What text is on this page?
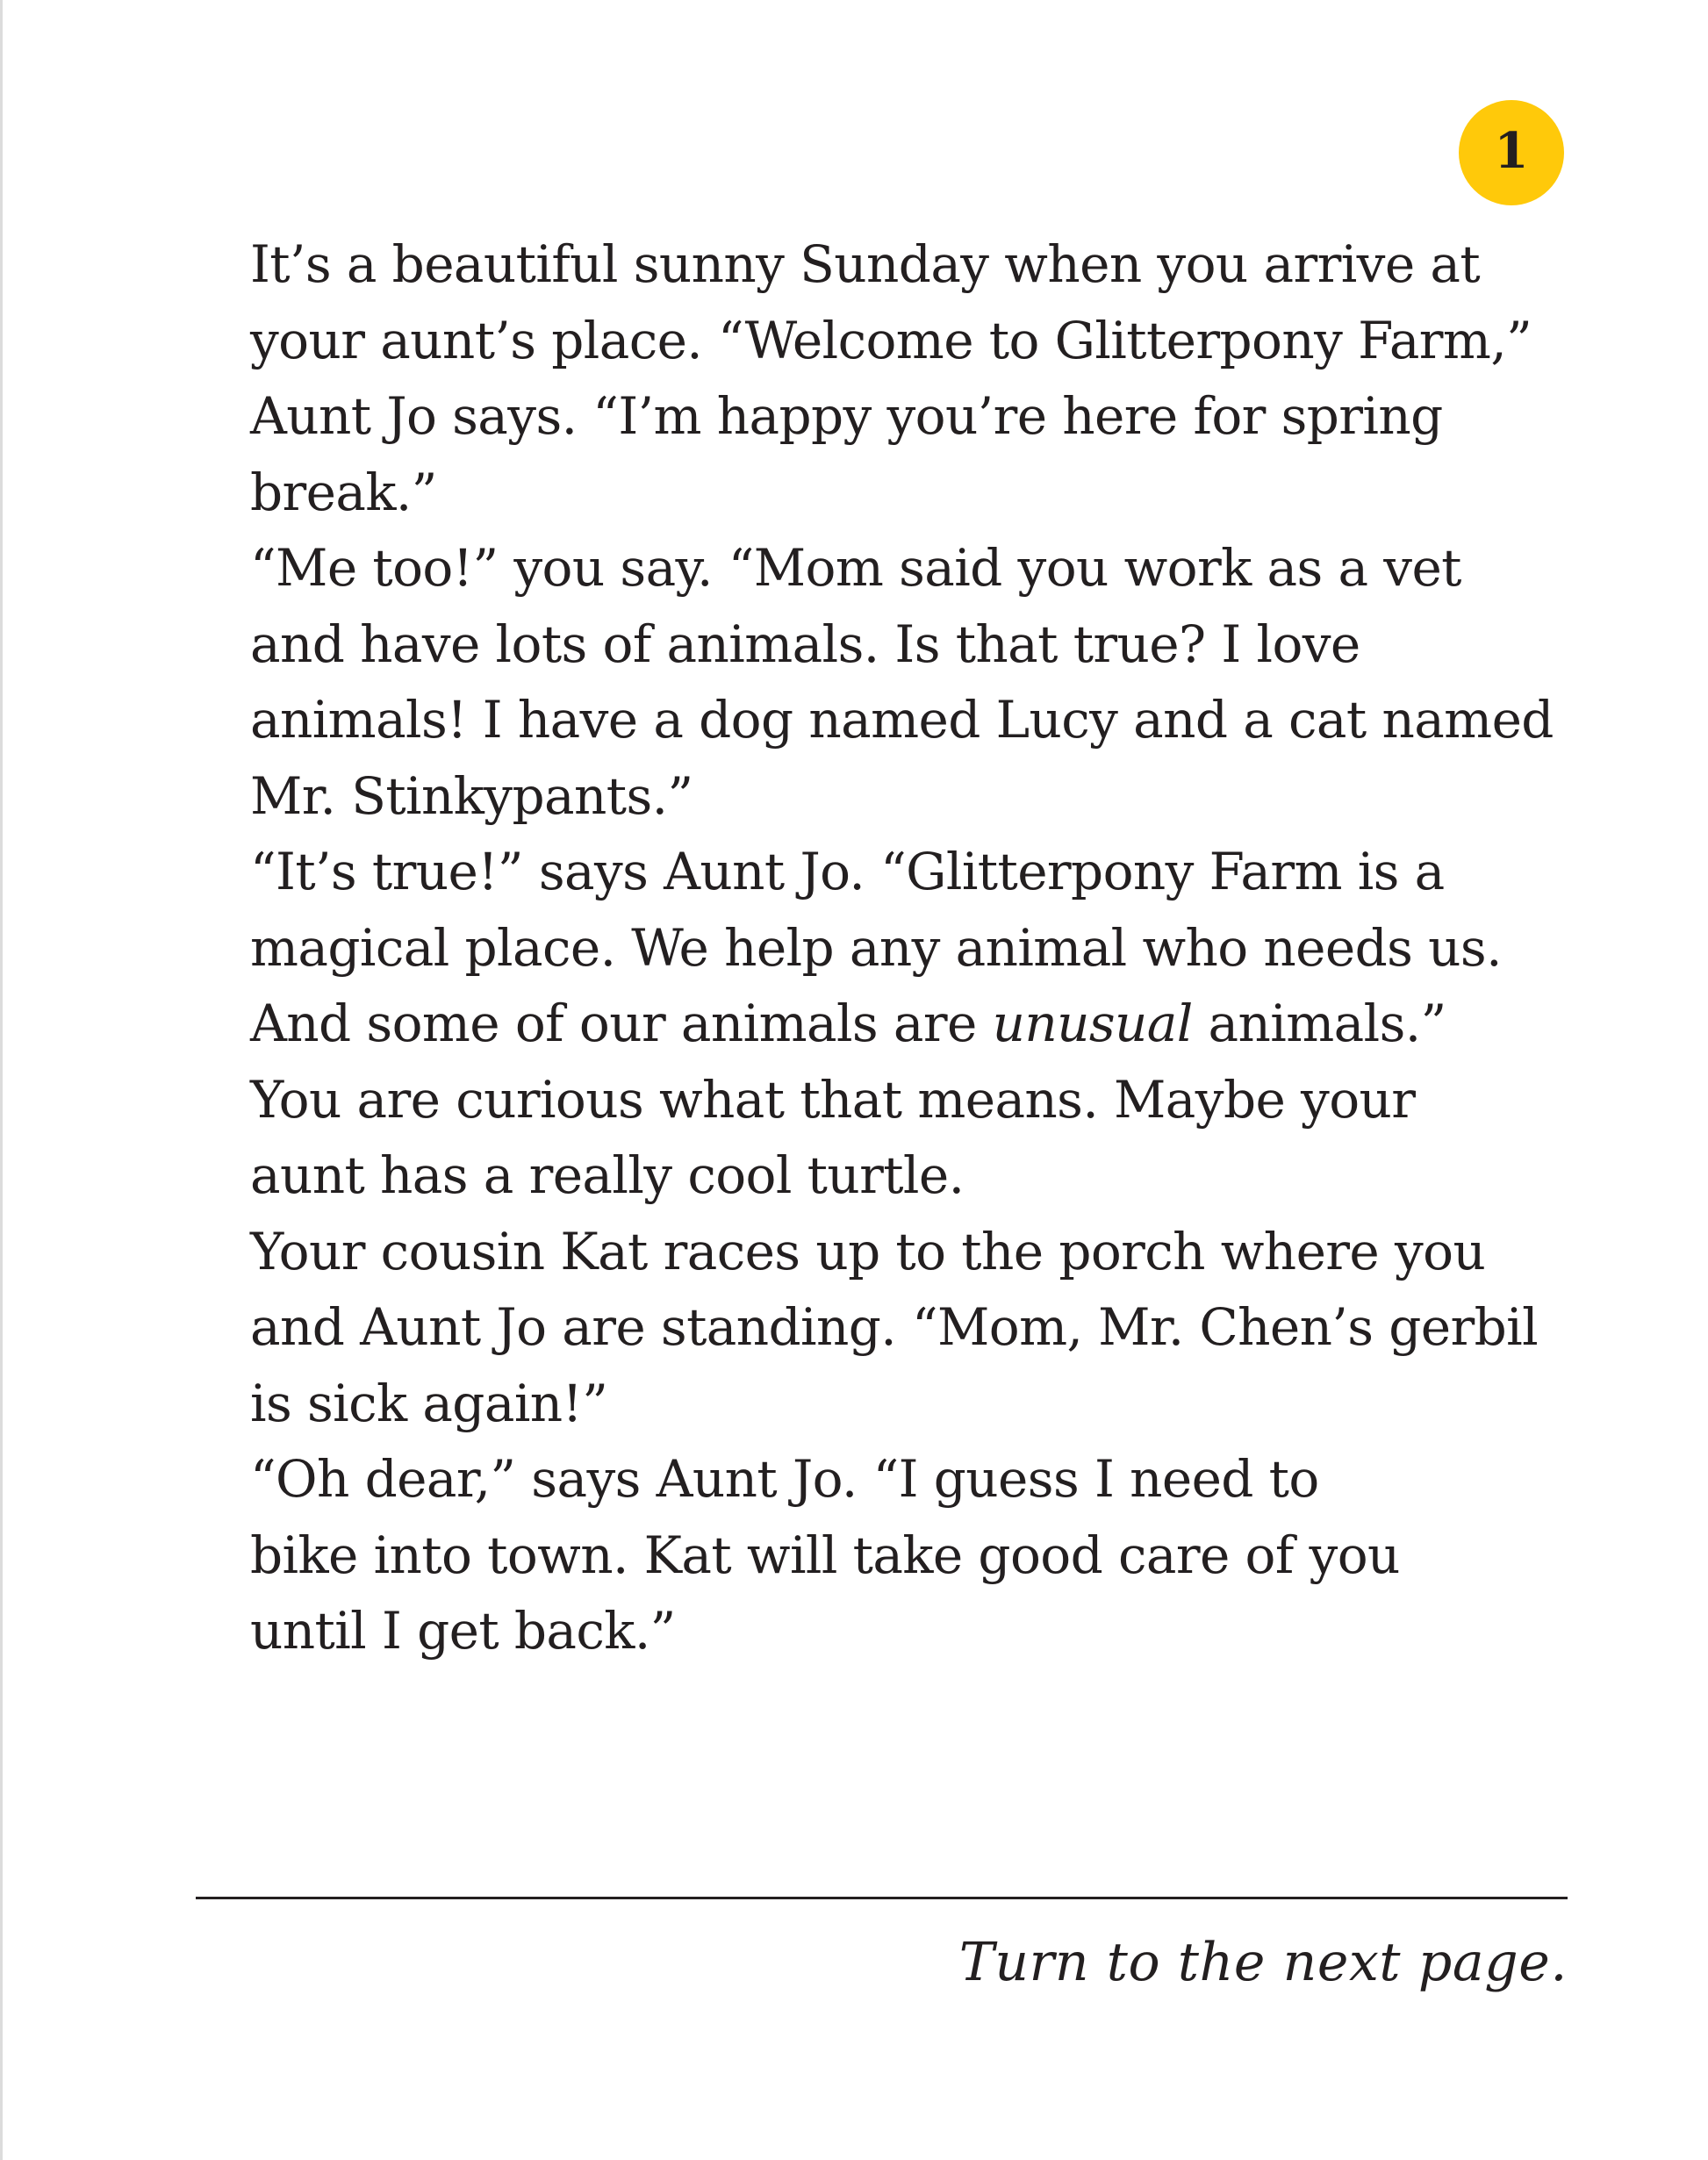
1

It’s a beautiful sunny Sunday when you arrive at
your aunt’s place. “Welcome to Glitterpony Farm,”
Aunt Jo says. “I’m happy you’re here for spring
break.”

“Me too!” you say. “Mom said you work as a vet
and have lots of animals. Is that true? I love
animals! I have a dog named Lucy and a cat named
Mr. Stinkypants.”

“It’s true!” says Aunt Jo. “Glitterpony Farm is a
magical place. We help any animal who needs us.
And some of our animals are unusual animals.”

You are curious what that means. Maybe your
aunt has a really cool turtle.

Your cousin Kat races up to the porch where you
and Aunt Jo are standing. “Mom, Mr. Chen’s gerbil
is sick again!”

“Oh dear,” says Aunt Jo. “I guess I need to
bike into town. Kat will take good care of you
until I get back.”

Turn to the next page.
